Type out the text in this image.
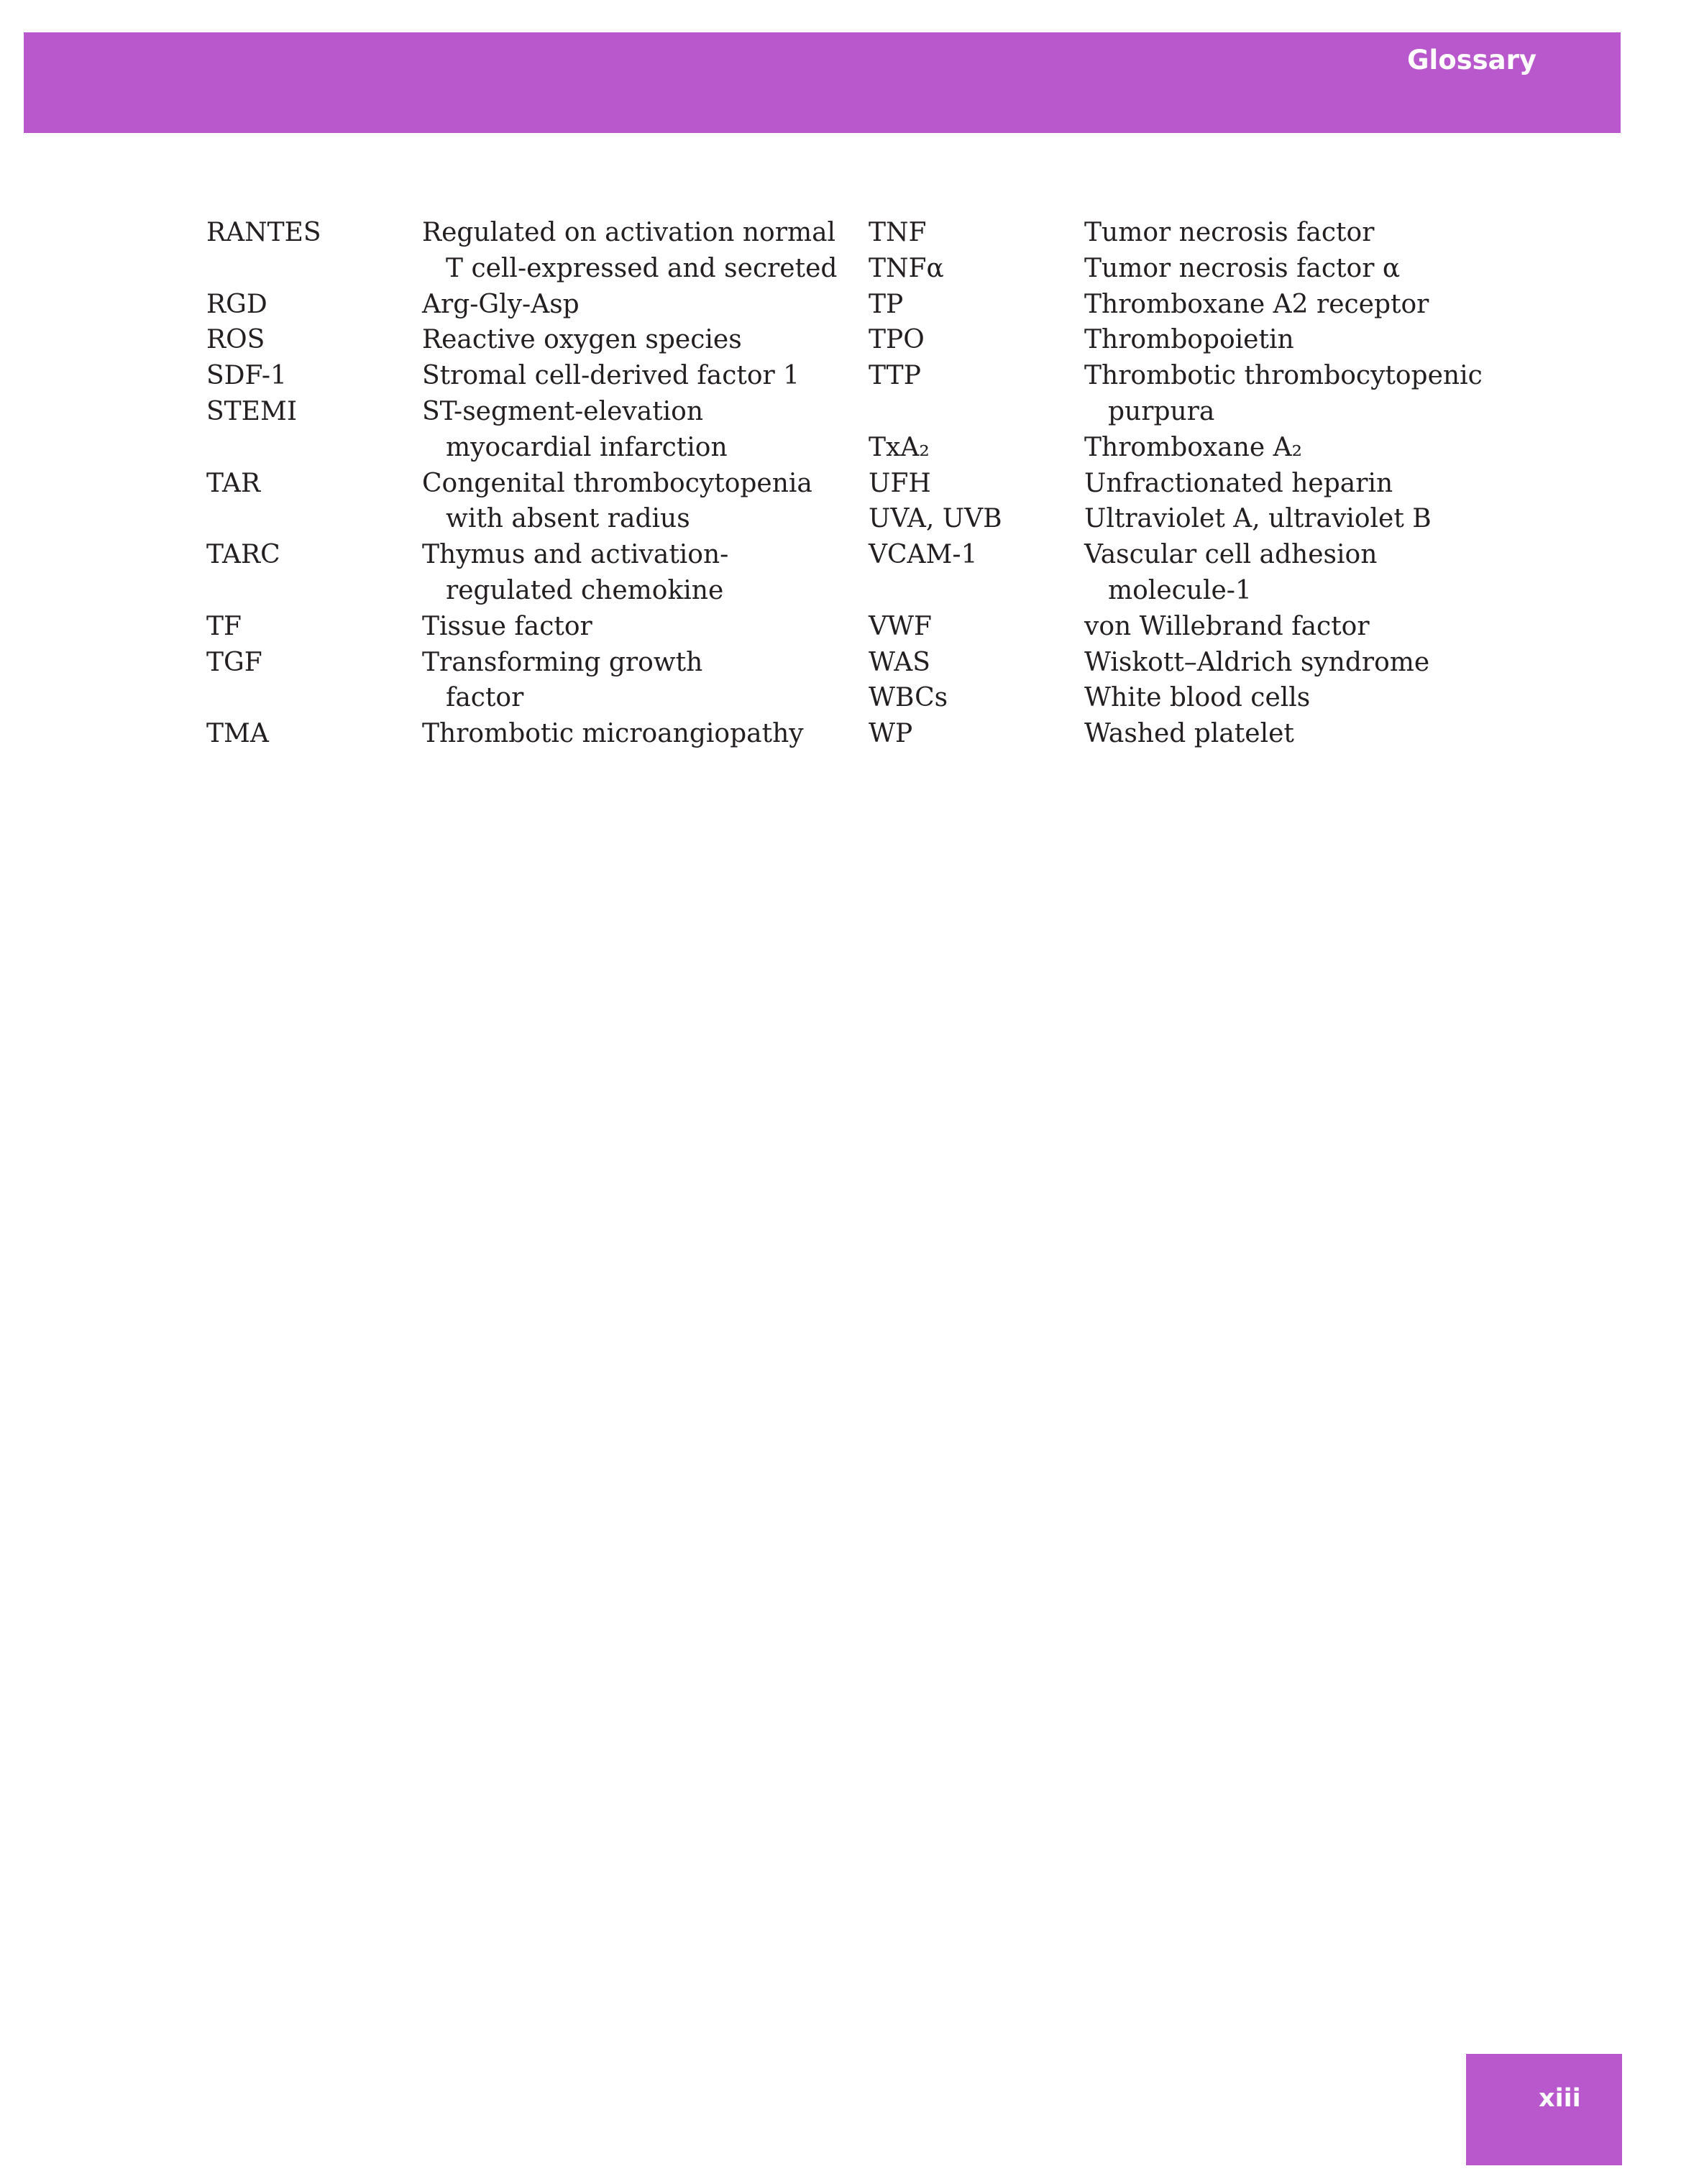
Glossary
RANTES	Regulated on activation normal
T cell-expressed and secreted
RGD	Arg-Gly-Asp
ROS	Reactive oxygen species
SDF-1	Stromal cell-derived factor 1
STEMI	ST-segment-elevation
myocardial infarction
TAR	Congenital thrombocytopenia
with absent radius
TARC	Thymus and activation-
regulated chemokine
TF	Tissue factor
TGF	Transforming growth
factor
TMA	Thrombotic microangiopathy
TNF	Tumor necrosis factor
TNFα	Tumor necrosis factor α
TP	Thromboxane A2 receptor
TPO	Thrombopoietin
TTP	Thrombotic thrombocytopenic
purpura
TxA₂	Thromboxane A₂
UFH	Unfractionated heparin
UVA, UVB	Ultraviolet A, ultraviolet B
VCAM-1	Vascular cell adhesion
molecule-1
VWF	von Willebrand factor
WAS	Wiskott–Aldrich syndrome
WBCs	White blood cells
WP	Washed platelet
xiii
